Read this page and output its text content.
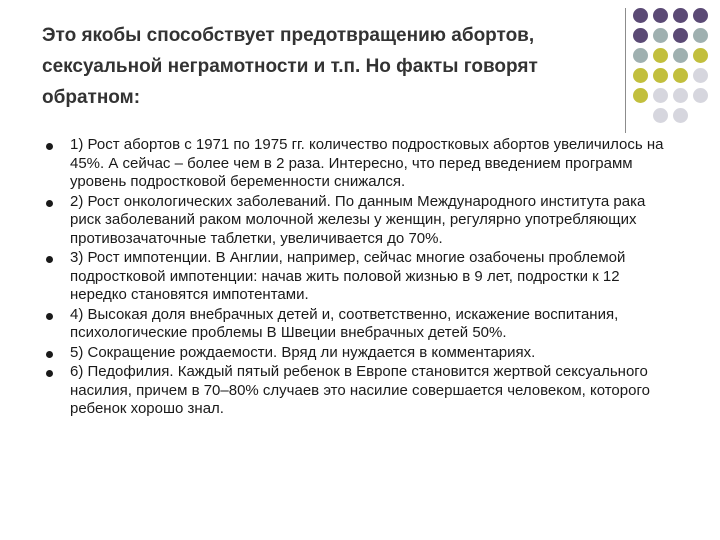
Это якобы способствует предотвращению абортов, сексуальной неграмотности и т.п. Но факты говорят обратном:
1) Рост абортов с 1971 по 1975 гг. количество подростковых абортов увеличилось на 45%. А сейчас – более чем в 2 раза. Интересно, что перед введением программ уровень подростковой беременности снижался.
2) Рост онкологических заболеваний. По данным Международного института рака риск заболеваний раком молочной железы у женщин, регулярно употребляющих противозачаточные таблетки, увеличивается до 70%.
3) Рост импотенции. В Англии, например, сейчас многие озабочены проблемой подростковой импотенции: начав жить половой жизнью в 9 лет, подростки к 12 нередко становятся импотентами.
4) Высокая доля внебрачных детей и, соответственно, искажение воспитания, психологические проблемы В Швеции внебрачных детей 50%.
5) Сокращение рождаемости. Вряд ли нуждается в комментариях.
6) Педофилия. Каждый пятый ребенок в Европе становится жертвой сексуального насилия, причем в 70–80% случаев это насилие совершается человеком, которого ребенок хорошо знал.
